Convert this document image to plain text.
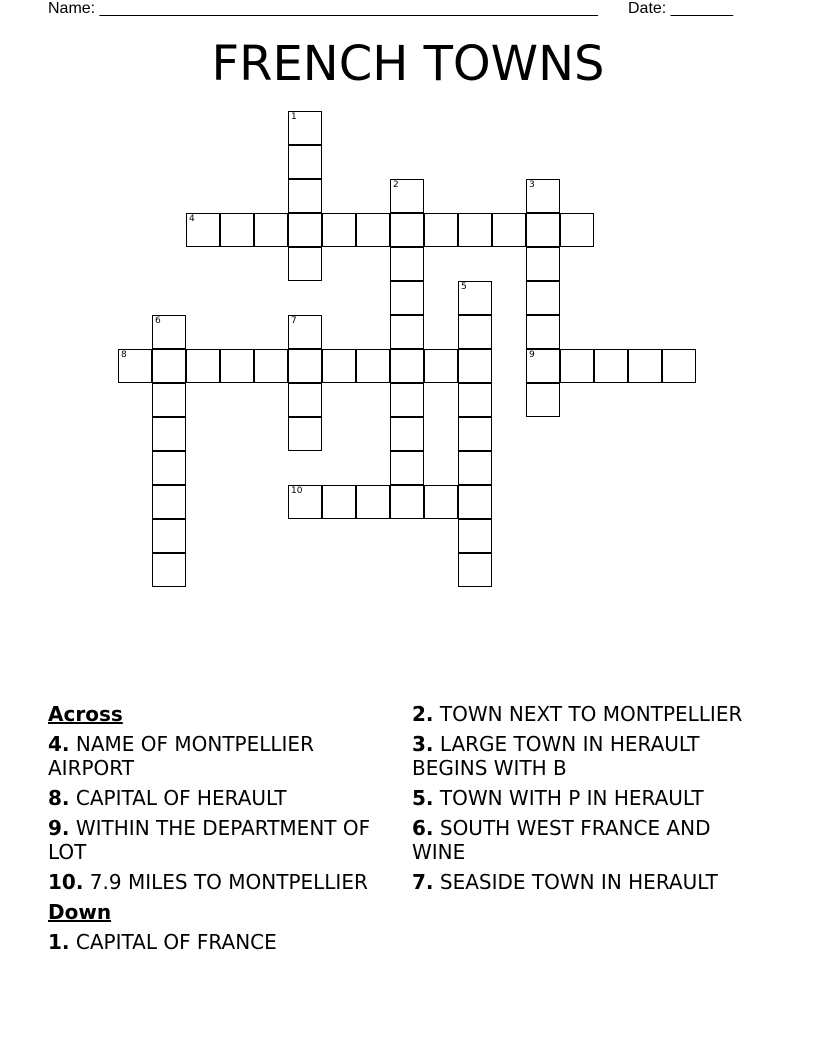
Name: ________________________________________________________ Date: _______
FRENCH TOWNS
1
2	3
9
4
5
6	7
8
10
Across
4. NAME OF MONTPELLIER AIRPORT
8. CAPITAL OF HERAULT
9. WITHIN THE DEPARTMENT OF LOT
10. 7.9 MILES TO MONTPELLIER
Down
1. CAPITAL OF FRANCE
2. TOWN NEXT TO MONTPELLIER
3. LARGE TOWN IN HERAULT BEGINS WITH B
5. TOWN WITH P IN HERAULT
6. SOUTH WEST FRANCE AND WINE
7. SEASIDE TOWN IN HERAULT
